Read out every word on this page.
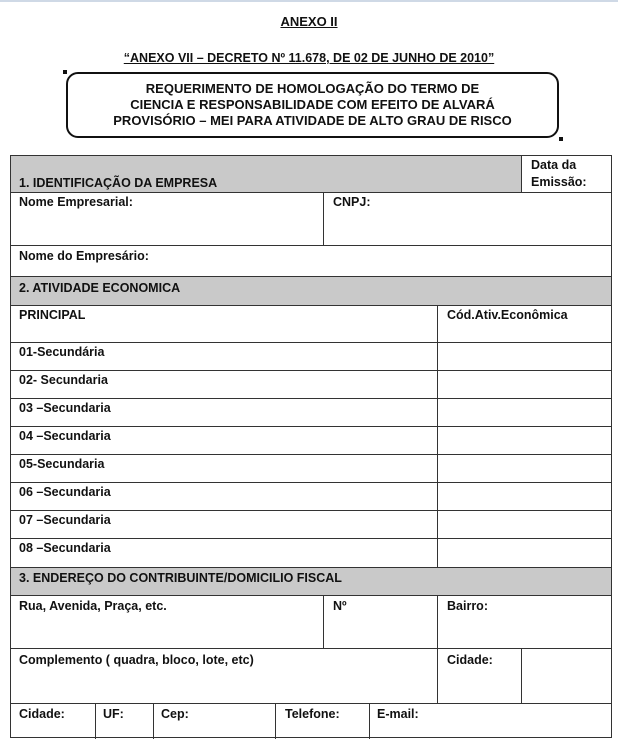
ANEXO II
“ANEXO VII – DECRETO Nº 11.678, DE 02 DE JUNHO DE 2010”
REQUERIMENTO DE HOMOLOGAÇÃO DO TERMO DE
CIENCIA E RESPONSABILIDADE COM EFEITO DE ALVARÁ
PROVISÓRIO – MEI PARA ATIVIDADE DE ALTO GRAU DE RISCO
1. IDENTIFICAÇÃO DA EMPRESA
Data da
Emissão:
Nome Empresarial:	CNPJ:
Nome do Empresário:
2. ATIVIDADE ECONOMICA
PRINCIPAL	Cód.Ativ.Econômica
01-Secundária
02- Secundaria
03 –Secundaria
04 –Secundaria
05-Secundaria
06 –Secundaria
07 –Secundaria
08 –Secundaria
3. ENDEREÇO DO CONTRIBUINTE/DOMICILIO FISCAL
Rua, Avenida, Praça, etc.	Nº	Bairro:
Complemento ( quadra, bloco, lote, etc)	Cidade:
Cidade:	UF:	Cep:	Telefone:	E-mail:
